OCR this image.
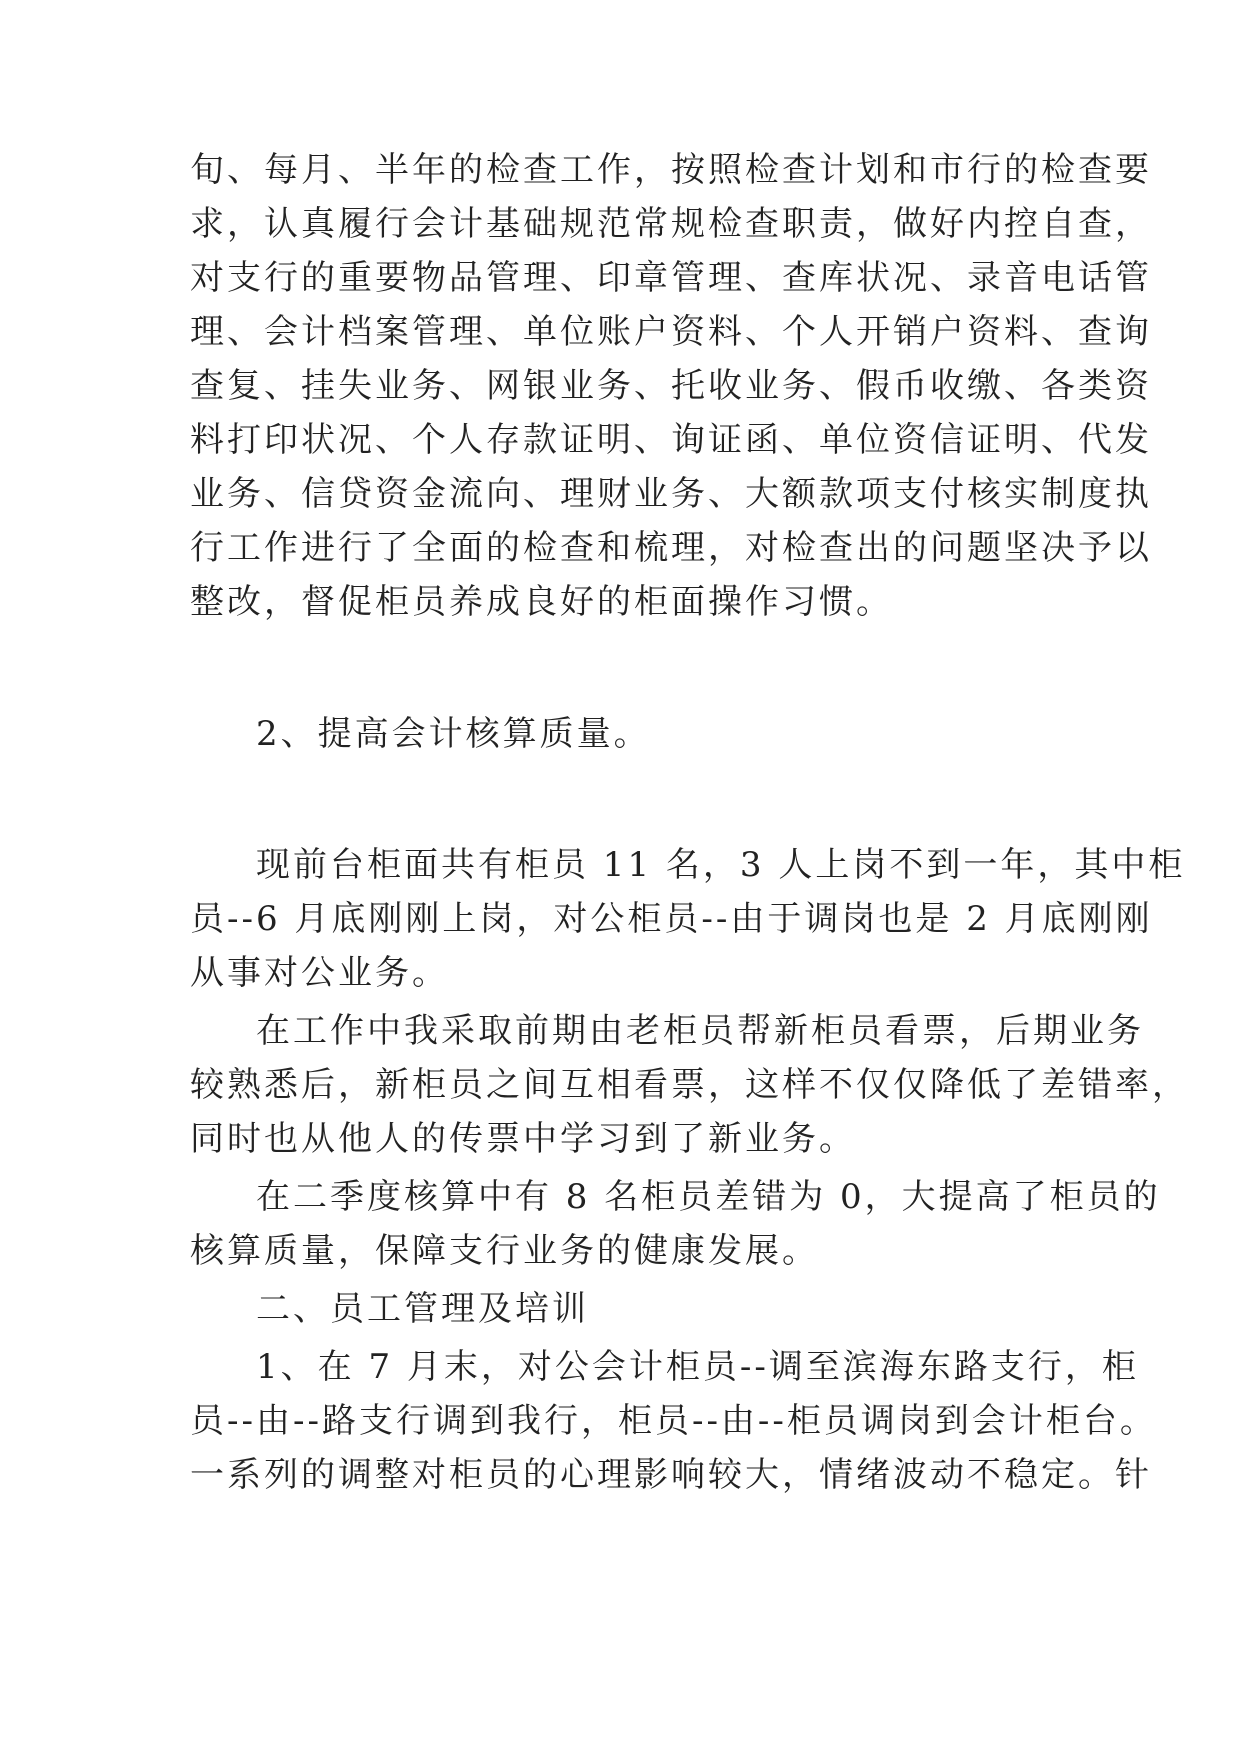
旬、每月、半年的检查工作，按照检查计划和市行的检查要
求，认真履行会计基础规范常规检查职责，做好内控自查，
对支行的重要物品管理、印章管理、查库状况、录音电话管
理、会计档案管理、单位账户资料、个人开销户资料、查询
查复、挂失业务、网银业务、托收业务、假币收缴、各类资
料打印状况、个人存款证明、询证函、单位资信证明、代发
业务、信贷资金流向、理财业务、大额款项支付核实制度执
行工作进行了全面的检查和梳理，对检查出的问题坚决予以
整改，督促柜员养成良好的柜面操作习惯。
2、提高会计核算质量。
现前台柜面共有柜员 11 名，3 人上岗不到一年，其中柜
员--6 月底刚刚上岗，对公柜员--由于调岗也是 2 月底刚刚
从事对公业务。
在工作中我采取前期由老柜员帮新柜员看票，后期业务
较熟悉后，新柜员之间互相看票，这样不仅仅降低了差错率，
同时也从他人的传票中学习到了新业务。
在二季度核算中有 8 名柜员差错为 0，大提高了柜员的
核算质量，保障支行业务的健康发展。
二、员工管理及培训
1、在 7 月末，对公会计柜员--调至滨海东路支行，柜
员--由--路支行调到我行，柜员--由--柜员调岗到会计柜台。
一系列的调整对柜员的心理影响较大，情绪波动不稳定。针
